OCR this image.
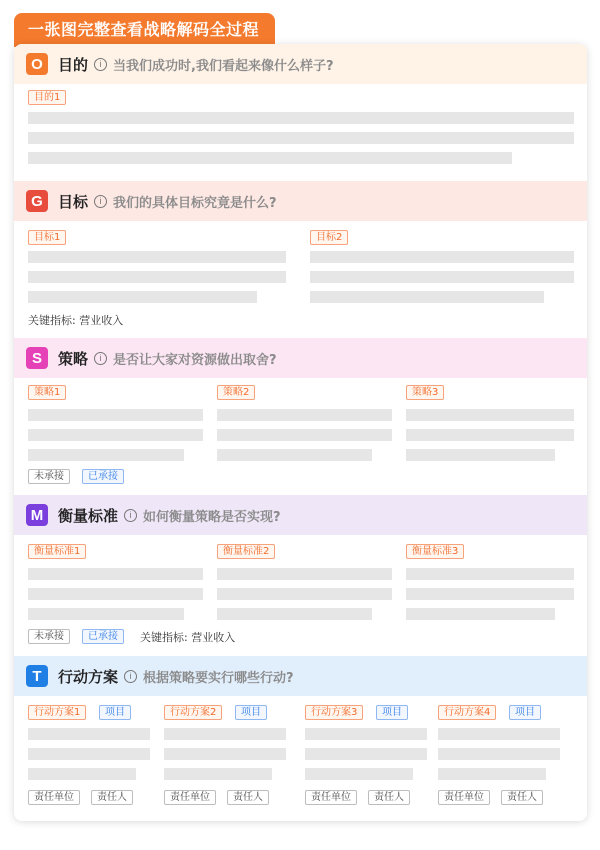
一张图完整查看战略解码全过程
O	目的	i 当我们成功时,我们看起来像什么样子?
目的1
G	目标	i 我们的具体目标究竟是什么?
目标1	目标2
关键指标: 营业收入
S	策略	i 是否让大家对资源做出取舍?
策略1	策略2	策略3
未承接	已承接
M 衡量标准	i 如何衡量策略是否实现?
衡量标准1	衡量标准2	衡量标准3
未承接	已承接	关键指标: 营业收入
T	行动方案	i 根据策略要实行哪些行动?
行动方案1	项目	行动方案2	项目	行动方案3	项目	行动方案4	项目
责任单位	责任人	责任单位	责任人	责任单位	责任人	责任单位	责任人
